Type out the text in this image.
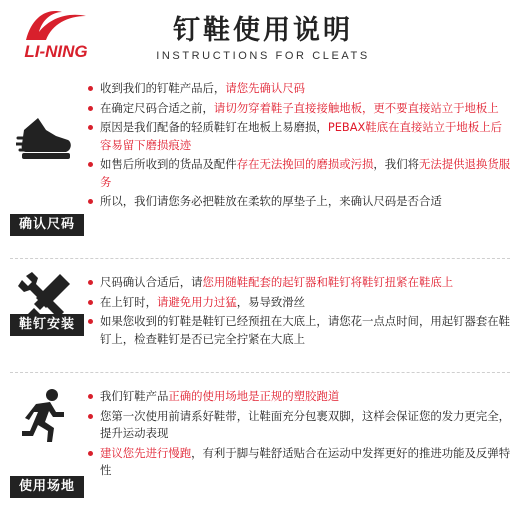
LI-NING
钉鞋使用说明
INSTRUCTIONS FOR CLEATS
确认尺码
收到我们的钉鞋产品后，请您先确认尺码
在确定尺码合适之前，请切勿穿着鞋子直接接触地板，更不要直接站立于地板上
原因是我们配备的轻质鞋钉在地板上易磨损，PEBAX鞋底在直接站立于地板上后容易留下磨损痕迹
如售后所收到的货品及配件存在无法挽回的磨损或污损，我们将无法提供退换货服务
所以，我们请您务必把鞋放在柔软的厚垫子上，来确认尺码是否合适
鞋钉安装
尺码确认合适后，请您用随鞋配套的起钉器和鞋钉将鞋钉扭紧在鞋底上
在上钉时，请避免用力过猛，易导致滑丝
如果您收到的钉鞋是鞋钉已经预扭在大底上，请您花一点点时间，用起钉器套在鞋钉上，检查鞋钉是否已完全拧紧在大底上
使用场地
我们钉鞋产品正确的使用场地是正规的塑胶跑道
您第一次使用前请系好鞋带，让鞋面充分包裹双脚，这样会保证您的发力更完全，提升运动表现
建议您先进行慢跑，有利于脚与鞋舒适贴合在运动中发挥更好的推进功能及反弹特性
